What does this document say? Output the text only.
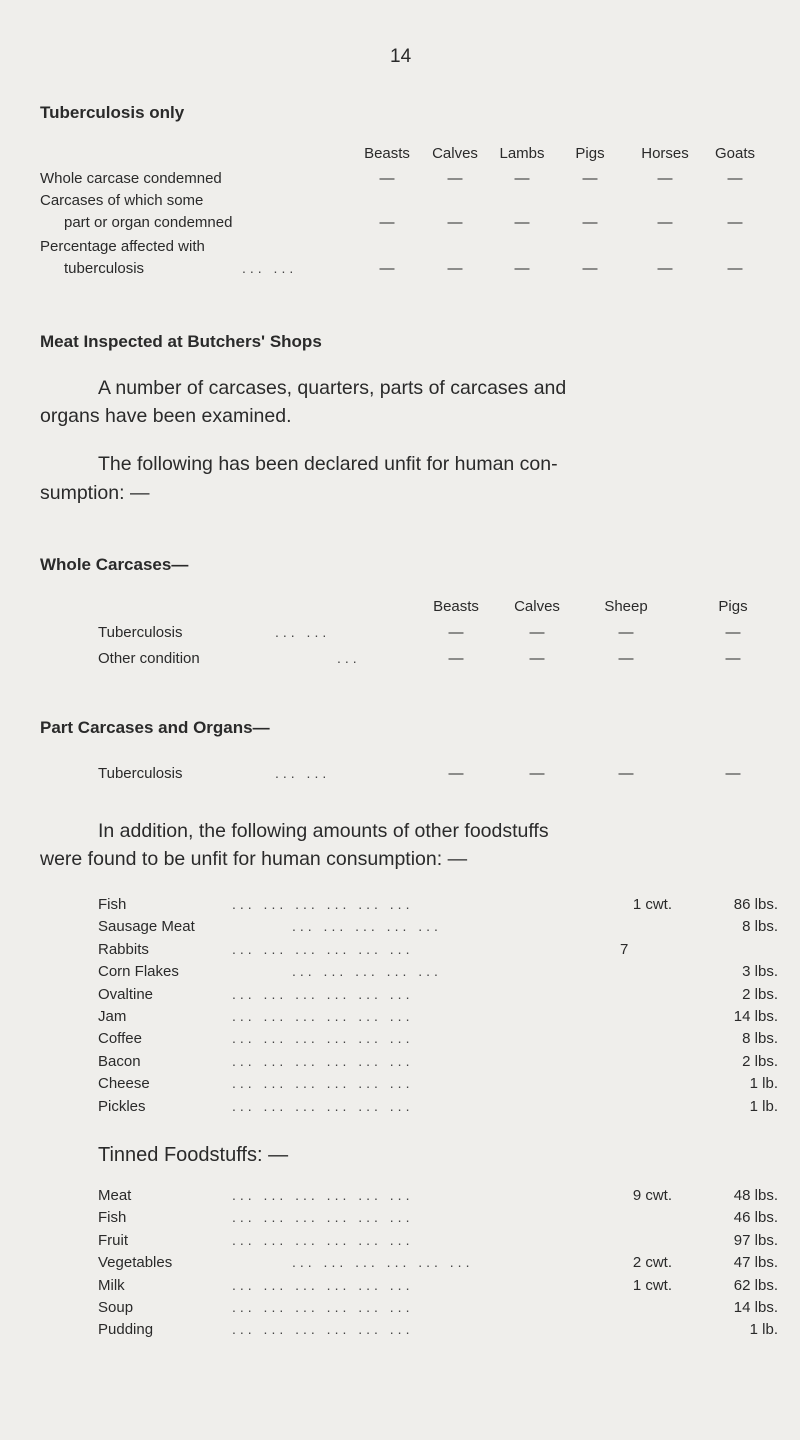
14
Tuberculosis only
Meat Inspected at Butchers' Shops
A number of carcases, quarters, parts of carcases and
organs have been examined.
The following has been declared unfit for human con-
sumption: —
Whole Carcases—
Part Carcases and Organs—
In addition, the following amounts of other foodstuffs
were found to be unfit for human consumption: —
Tinned Foodstuffs: —
Beasts	Calves	Lambs	Pigs	Horses	Goats
Whole carcase condemned	—	—	—	—	—	—
Carcases of which some
part or organ condemned	—	—	—	—	—	—
Percentage affected with
tuberculosis	... ...	—	—	—	—	—	—
Beasts	Calves	Sheep	Pigs
Tuberculosis	... ...	—	—	—	—
Other condition	...	—	—	—	—
Tuberculosis	... ...	—	—	—	—
Fish	... ... ... ... ... ...	1 cwt.	86 lbs.
Sausage Meat	... ... ... ... ...	8 lbs.
Rabbits	... ... ... ... ... ...	7
Corn Flakes	... ... ... ... ...	3 lbs.
Ovaltine	... ... ... ... ... ...	2 lbs.
Jam	... ... ... ... ... ...	14 lbs.
Coffee	... ... ... ... ... ...	8 lbs.
Bacon	... ... ... ... ... ...	2 lbs.
Cheese	... ... ... ... ... ...	1 lb.
Pickles	... ... ... ... ... ...	1 lb.
Meat	... ... ... ... ... ...	9 cwt.	48 lbs.
Fish	... ... ... ... ... ...	46 lbs.
Fruit	... ... ... ... ... ...	97 lbs.
Vegetables	... ... ... ... ... ...	2 cwt.	47 lbs.
Milk	... ... ... ... ... ...	1 cwt.	62 lbs.
Soup	... ... ... ... ... ...	14 lbs.
Pudding	... ... ... ... ... ...	1 lb.
